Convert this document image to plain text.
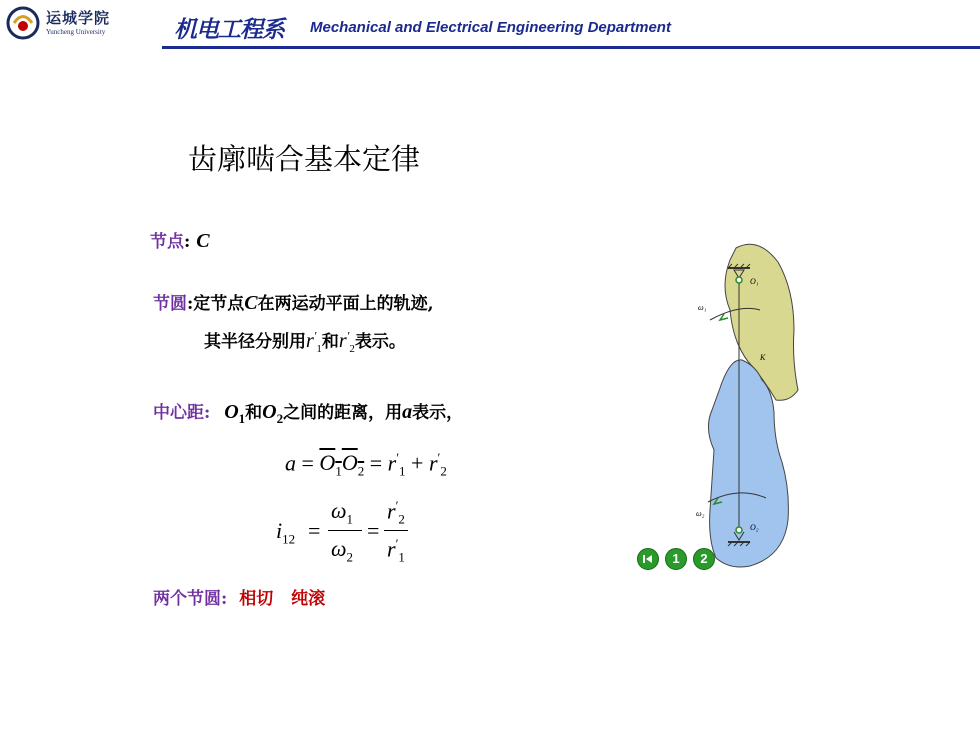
运城学院
Yuncheng University	机电工程系 Mechanical and Electrical Engineering Department
齿廓啮合基本定律
节点: C
节圆:定节点C在两运动平面上的轨迹,
其半径分别用$r'_1$和$r'_2$表示。
中心距: $O_1$和$O_2$之间的距离，用a表示，
$a = O_1O_2 = r'_1 + r'_2$
$i_{12}$ =
$\omega_1$
$\omega_2$
=
$r'_2$
$r'_1$
两个节圆: 相切 纯滚
O₁
ω₁
K
ω₂
O₂
1	2
